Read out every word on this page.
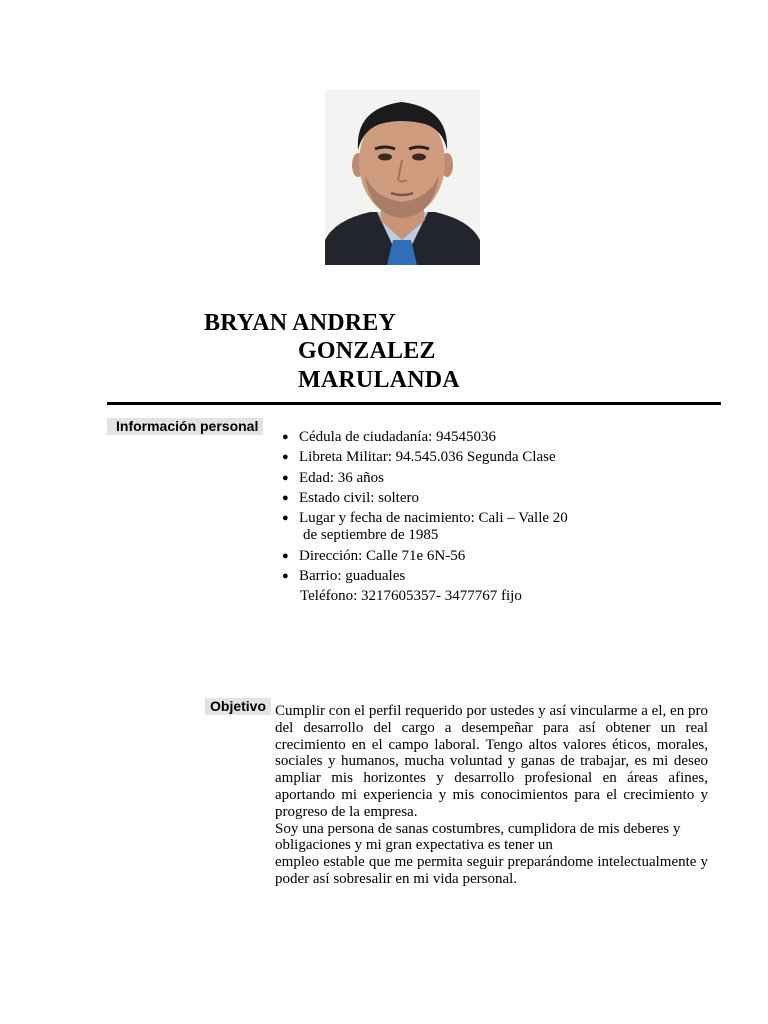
BRYAN ANDREY
GONZALEZ
MARULANDA
Información personal
● Cédula de ciudadanía: 94545036
● Libreta Militar: 94.545.036 Segunda Clase
● Edad: 36 años
● Estado civil: soltero
● Lugar y fecha de nacimiento: Cali – Valle 20
de septiembre de 1985
● Dirección: Calle 71e 6N-56
● Barrio: guaduales
Teléfono: 3217605357- 3477767 fijo
Objetivo Cumplir con el perfil requerido por ustedes y así vincularme a el, en pro del desarrollo del cargo a desempeñar para así obtener un real crecimiento en el campo laboral. Tengo altos valores éticos, morales, sociales y humanos, mucha voluntad y ganas de trabajar, es mi deseo ampliar mis horizontes y desarrollo profesional en áreas afines, aportando mi experiencia y mis conocimientos para el crecimiento y progreso de la empresa.

Soy una persona de sanas costumbres, cumplidora de mis deberes y obligaciones y mi gran expectativa es tener un

empleo estable que me permita seguir preparándome intelectualmente y poder así sobresalir en mi vida personal.
